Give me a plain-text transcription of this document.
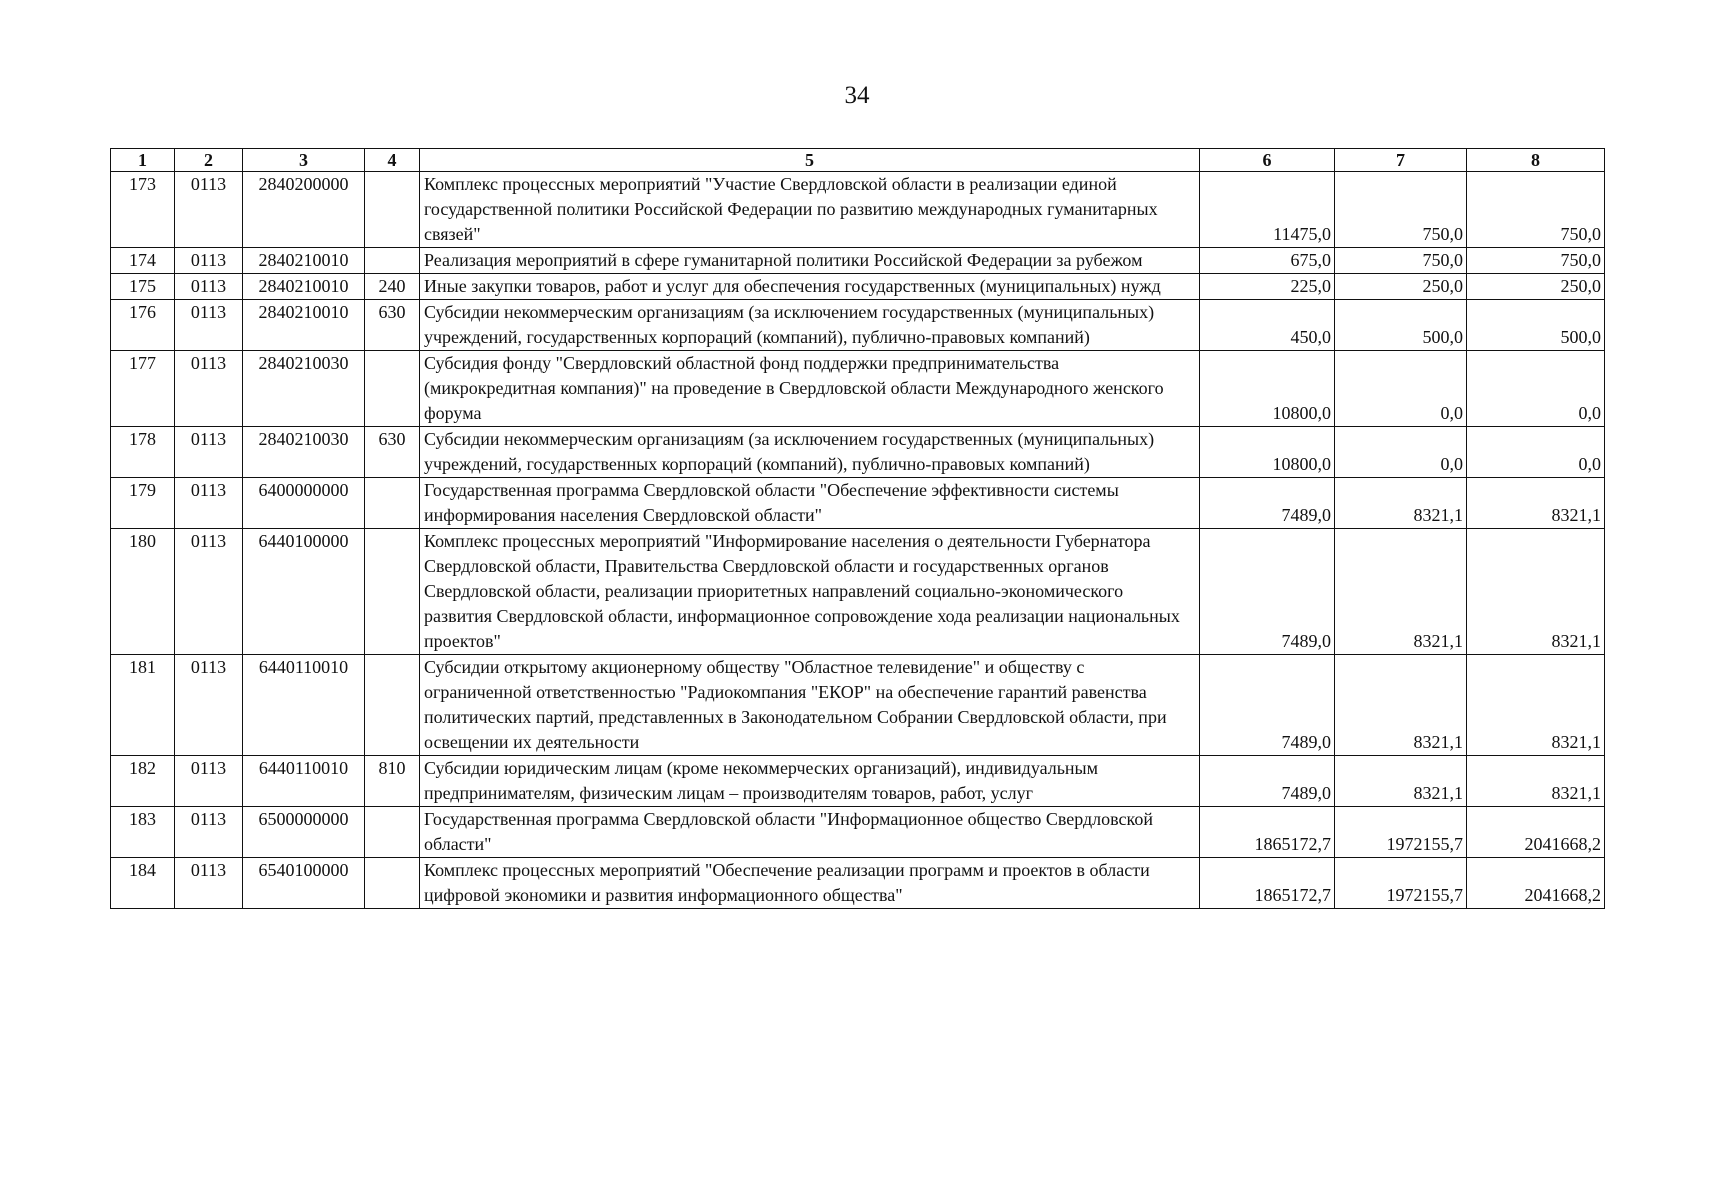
34
1	2	3	4	5	6	7	8
173	0113	2840200000		Комплекс процессных мероприятий "Участие Свердловской области в реализации единой государственной политики Российской Федерации по развитию международных гуманитарных связей"	11475,0	750,0	750,0
174	0113	2840210010		Реализация мероприятий в сфере гуманитарной политики Российской Федерации за рубежом	675,0	750,0	750,0
175	0113	2840210010	240	Иные закупки товаров, работ и услуг для обеспечения государственных (муниципальных) нужд	225,0	250,0	250,0
176	0113	2840210010	630	Субсидии некоммерческим организациям (за исключением государственных (муниципальных) учреждений, государственных корпораций (компаний), публично-правовых компаний)	450,0	500,0	500,0
177	0113	2840210030		Субсидия фонду "Свердловский областной фонд поддержки предпринимательства (микрокредитная компания)" на проведение в Свердловской области Международного женского форума	10800,0	0,0	0,0
178	0113	2840210030	630	Субсидии некоммерческим организациям (за исключением государственных (муниципальных) учреждений, государственных корпораций (компаний), публично-правовых компаний)	10800,0	0,0	0,0
179	0113	6400000000		Государственная программа Свердловской области "Обеспечение эффективности системы информирования населения Свердловской области"	7489,0	8321,1	8321,1
180	0113	6440100000		Комплекс процессных мероприятий "Информирование населения о деятельности Губернатора Свердловской области, Правительства Свердловской области и государственных органов Свердловской области, реализации приоритетных направлений социально-экономического развития Свердловской области, информационное сопровождение хода реализации национальных проектов"	7489,0	8321,1	8321,1
181	0113	6440110010		Субсидии открытому акционерному обществу "Областное телевидение" и обществу с ограниченной ответственностью "Радиокомпания "ЕКОР" на обеспечение гарантий равенства политических партий, представленных в Законодательном Собрании Свердловской области, при освещении их деятельности	7489,0	8321,1	8321,1
182	0113	6440110010	810	Субсидии юридическим лицам (кроме некоммерческих организаций), индивидуальным предпринимателям, физическим лицам – производителям товаров, работ, услуг	7489,0	8321,1	8321,1
183	0113	6500000000		Государственная программа Свердловской области "Информационное общество Свердловской области"	1865172,7	1972155,7	2041668,2
184	0113	6540100000		Комплекс процессных мероприятий "Обеспечение реализации программ и проектов в области цифровой экономики и развития информационного общества"	1865172,7	1972155,7	2041668,2
